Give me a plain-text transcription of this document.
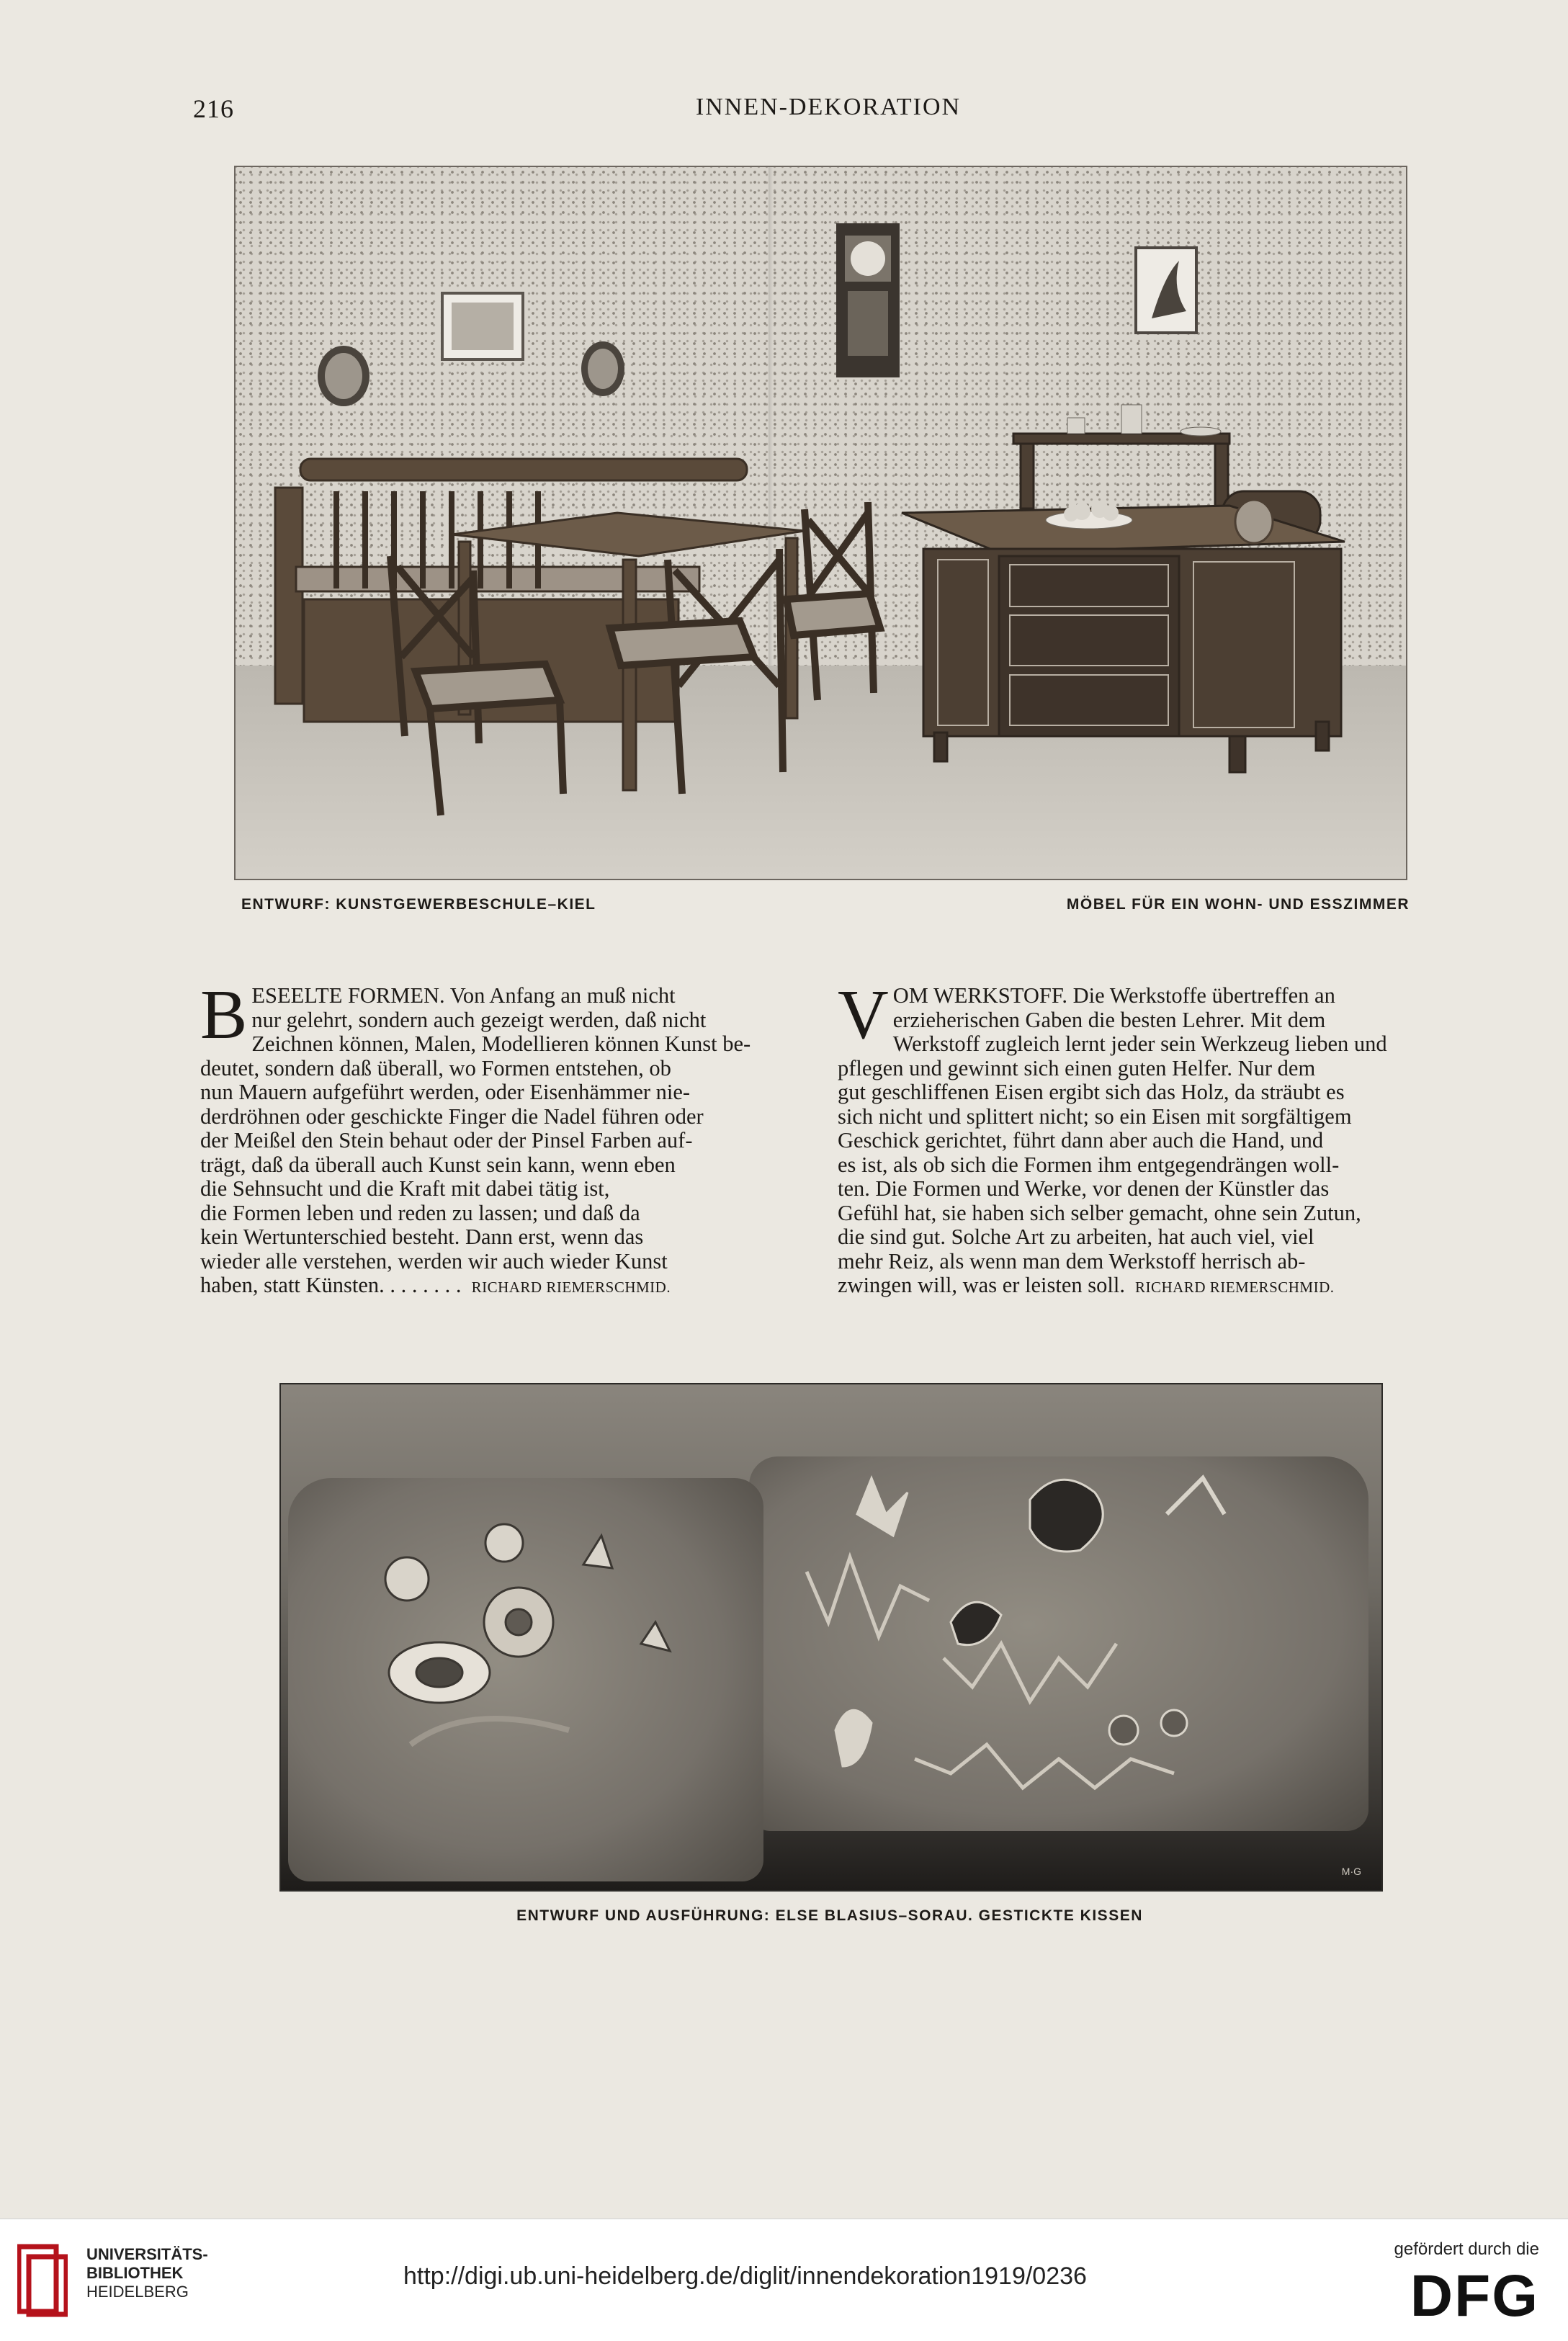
216	INNEN-DEKORATION
ENTWURF: KUNSTGEWERBESCHULE–KIEL	MÖBEL FÜR EIN WOHN- UND ESSZIMMER
B ESEELTE FORMEN. Von Anfang an muß nicht
nur gelehrt, sondern auch gezeigt werden, daß nicht
Zeichnen können, Malen, Modellieren können Kunst be-
deutet, sondern daß überall, wo Formen entstehen, ob
nun Mauern aufgeführt werden, oder Eisenhämmer nie-
derdröhnen oder geschickte Finger die Nadel führen oder
der Meißel den Stein behaut oder der Pinsel Farben auf-
trägt, daß da überall auch Kunst sein kann, wenn eben
die Sehnsucht und die Kraft mit dabei tätig ist,
die Formen leben und reden zu lassen; und daß da
kein Wertunterschied besteht. Dann erst, wenn das
wieder alle verstehen, werden wir auch wieder Kunst
haben, statt Künsten. . . . . . . . RICHARD RIEMERSCHMID.
V OM WERKSTOFF. Die Werkstoffe übertreffen an
erzieherischen Gaben die besten Lehrer. Mit dem
Werkstoff zugleich lernt jeder sein Werkzeug lieben und
pflegen und gewinnt sich einen guten Helfer. Nur dem
gut geschliffenen Eisen ergibt sich das Holz, da sträubt es
sich nicht und splittert nicht; so ein Eisen mit sorgfältigem
Geschick gerichtet, führt dann aber auch die Hand, und
es ist, als ob sich die Formen ihm entgegendrängen woll-
ten. Die Formen und Werke, vor denen der Künstler das
Gefühl hat, sie haben sich selber gemacht, ohne sein Zutun,
die sind gut. Solche Art zu arbeiten, hat auch viel, viel
mehr Reiz, als wenn man dem Werkstoff herrisch ab-
zwingen will, was er leisten soll. RICHARD RIEMERSCHMID.
M·G
ENTWURF UND AUSFÜHRUNG: ELSE BLASIUS–SORAU. GESTICKTE KISSEN
UNIVERSITÄTS-
BIBLIOTHEK
HEIDELBERG
http://digi.ub.uni-heidelberg.de/diglit/innendekoration1919/0236
gefördert durch die
DFG
